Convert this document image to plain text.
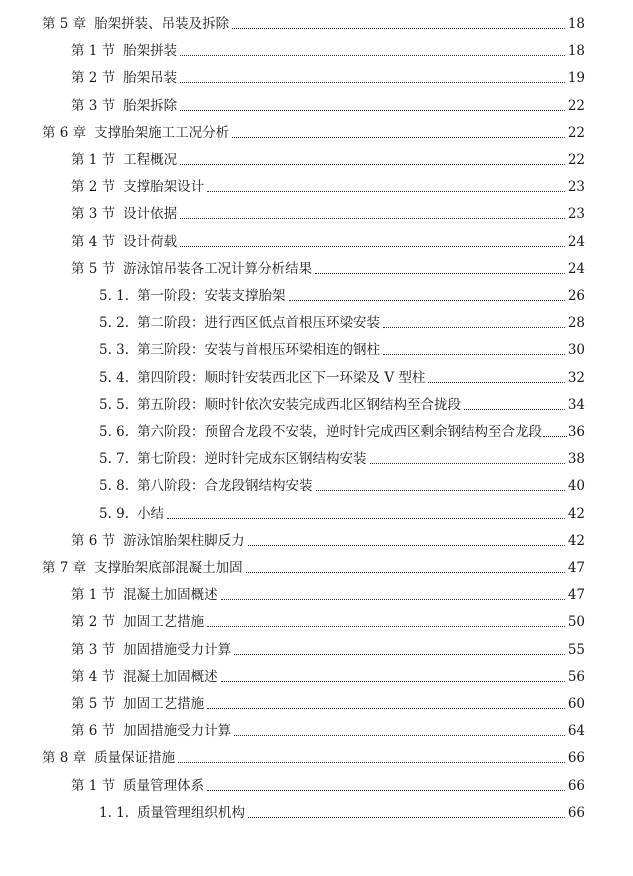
第 5 章 胎架拼装、吊装及拆除	18
第 1 节 胎架拼装	18
第 2 节 胎架吊装	19
第 3 节 胎架拆除	22
第 6 章 支撑胎架施工工况分析	22
第 1 节 工程概况	22
第 2 节 支撑胎架设计	23
第 3 节 设计依据	23
第 4 节 设计荷载	24
第 5 节 游泳馆吊装各工况计算分析结果	24
5. 1. 第一阶段：安装支撑胎架	26
5. 2. 第二阶段：进行西区低点首根压环梁安装	28
5. 3. 第三阶段：安装与首根压环梁相连的钢柱	30
5. 4. 第四阶段：顺时针安装西北区下一环梁及 V 型柱	32
5. 5. 第五阶段：顺时针依次安装完成西北区钢结构至合拢段	34
5. 6. 第六阶段：预留合龙段不安装，逆时针完成西区剩余钢结构至合龙段 36
5. 7. 第七阶段：逆时针完成东区钢结构安装	38
5. 8. 第八阶段：合龙段钢结构安装	40
5. 9. 小结	42
第 6 节 游泳馆胎架柱脚反力	42
第 7 章 支撑胎架底部混凝土加固	47
第 1 节 混凝土加固概述	47
第 2 节 加固工艺措施	50
第 3 节 加固措施受力计算	55
第 4 节 混凝土加固概述	56
第 5 节 加固工艺措施	60
第 6 节 加固措施受力计算	64
第 8 章 质量保证措施	66
第 1 节 质量管理体系	66
1. 1. 质量管理组织机构	66
